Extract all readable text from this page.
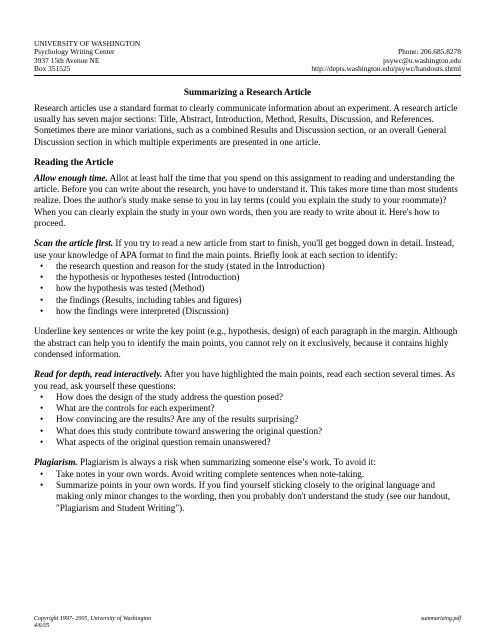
UNIVERSITY OF WASHINGTON
Psychology Writing Center
3937 15th Avenue NE
Box 351525

Phone: 206.685.8278
psywc@u.washington.edu
http://depts.washington.edu/psywc/handouts.shtml
Summarizing a Research Article

Research articles use a standard format to clearly communicate information about an experiment. A research article usually has seven major sections: Title, Abstract, Introduction, Method, Results, Discussion, and References. Sometimes there are minor variations, such as a combined Results and Discussion section, or an overall General Discussion section in which multiple experiments are presented in one article.

Reading the Article

Allow enough time. Allot at least half the time that you spend on this assignment to reading and understanding the article. Before you can write about the research, you have to understand it. This takes more time than most students realize. Does the author's study make sense to you in lay terms (could you explain the study to your roommate)? When you can clearly explain the study in your own words, then you are ready to write about it. Here's how to proceed.

Scan the article first. If you try to read a new article from start to finish, you'll get bogged down in detail. Instead, use your knowledge of APA format to find the main points. Briefly look at each section to identify:

• the research question and reason for the study (stated in the Introduction)
• the hypothesis or hypotheses tested (Introduction)
• how the hypothesis was tested (Method)
• the findings (Results, including tables and figures)
• how the findings were interpreted (Discussion)

Underline key sentences or write the key point (e.g., hypothesis, design) of each paragraph in the margin. Although the abstract can help you to identify the main points, you cannot rely on it exclusively, because it contains highly condensed information.

Read for depth, read interactively. After you have highlighted the main points, read each section several times. As you read, ask yourself these questions:

• How does the design of the study address the question posed?
• What are the controls for each experiment?
• How convincing are the results? Are any of the results surprising?
• What does this study contribute toward answering the original question?
• What aspects of the original question remain unanswered?

Plagiarism. Plagiarism is always a risk when summarizing someone else’s work. To avoid it:

• Take notes in your own words. Avoid writing complete sentences when note-taking.
• Summarize points in your own words. If you find yourself sticking closely to the original language and making only minor changes to the wording, then you probably don't understand the study (see our handout, "Plagiarism and Student Writing").
Copyright 1997- 2005, University of Washington
4/6/05
summarizing.pdf
